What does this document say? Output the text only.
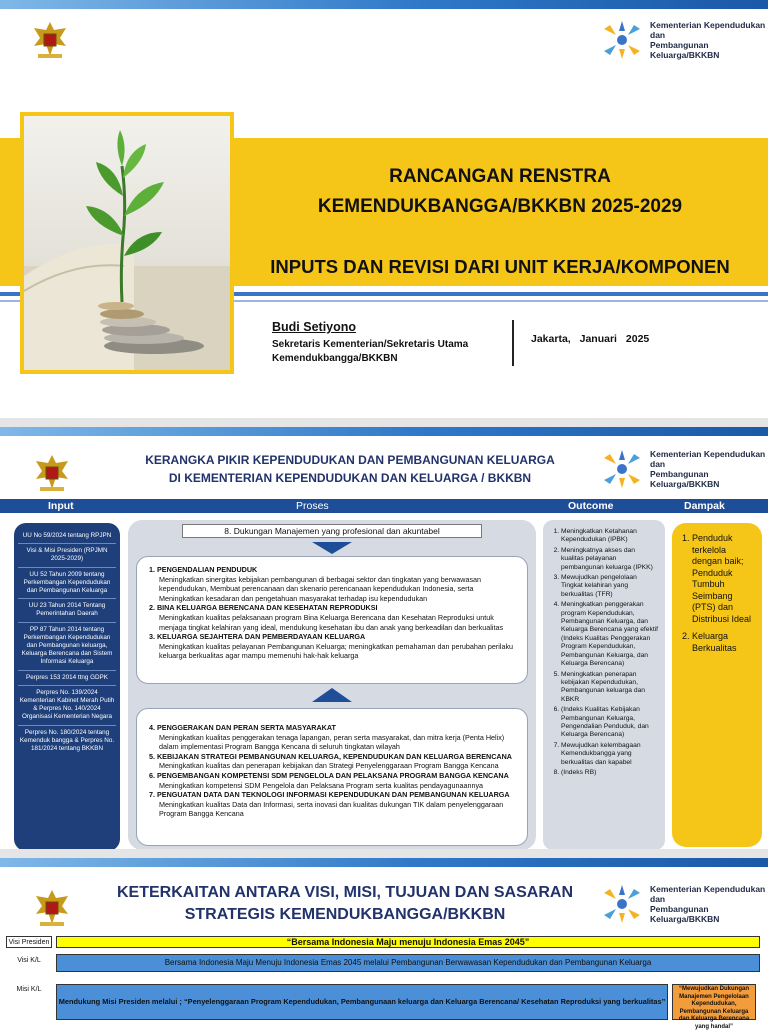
Kementerian Kependudukan dan
Pembangunan Keluarga/BKKBN
RANCANGAN RENSTRA
KEMENDUKBANGGA/BKKBN 2025-2029
INPUTS DAN REVISI DARI UNIT KERJA/KOMPONEN
Budi Setiyono
Sekretaris Kementerian/Sekretaris Utama
Kemendukbangga/BKKBN
Jakarta, Januari 2025
KERANGKA PIKIR KEPENDUDUKAN DAN PEMBANGUNAN KELUARGA
DI KEMENTERIAN KEPENDUDUKAN DAN KELUARGA / BKKBN
Kementerian Kependudukan dan
Pembangunan Keluarga/BKKBN
Input	Proses	Outcome	Dampak
UU No 59/2024 tentang RPJPN
Visi & Misi Presiden (RPJMN 2025-2029)
UU 52 Tahun 2009 tentang Perkembangan Kependudukan dan Pembangunan Keluarga
UU 23 Tahun 2014 Tentang Pemerintahan Daerah
PP 87 Tahun 2014 tentang Perkembangan Kependudukan dan Pembangunan keluarga, Keluarga Berencana dan Sistem Informasi Keluarga
Perpres 153 2014 ttng GDPK
Perpres No. 139/2024 Kementerian Kabinet Merah Putih & Perpres No. 140/2024 Organisasi Kementerian Negara
Perpres No. 180/2024 tentang Kemenduk bangga & Perpres No. 181/2024 tentang BKKBN
8. Dukungan Manajemen yang profesional dan akuntabel
1. PENGENDALIAN PENDUDUK
Meningkatkan sinergitas kebijakan pembangunan di berbagai sektor dan tingkatan yang berwawasan kependudukan, Membuat perencanaan dan skenario perencanaan kependudukan Indonesia, serta Meningkatkan kesadaran dan pengetahuan masyarakat terhadap isu kependudukan
2. BINA KELUARGA BERENCANA DAN KESEHATAN REPRODUKSI
Meningkatkan kualitas pelaksanaan program Bina Keluarga Berencana dan Kesehatan Reproduksi untuk menjaga tingkat kelahiran yang ideal, mendukung kesehatan ibu dan anak yang berkeadilan dan berkualitas
3. KELUARGA SEJAHTERA DAN PEMBERDAYAAN KELUARGA
Meningkatkan kualitas pelayanan Pembangunan Keluarga; meningkatkan pemahaman dan perubahan perilaku keluarga berkualitas agar mampu memenuhi hak-hak keluarga
4. PENGGERAKAN DAN PERAN SERTA MASYARAKAT
Meningkatkan kualitas penggerakan tenaga lapangan, peran serta masyarakat, dan mitra kerja (Penta Helix) dalam implementasi Program Bangga Kencana di seluruh tingkatan wilayah
5. KEBIJAKAN STRATEGI PEMBANGUNAN KELUARGA, KEPENDUDUKAN DAN KELUARGA BERENCANA
Meningkatkan kualitas dan penerapan kebijakan dan Strategi Penyelenggaraan Program Bangga Kencana
6. PENGEMBANGAN KOMPETENSI SDM PENGELOLA DAN PELAKSANA PROGRAM BANGGA KENCANA
Meningkatkan kompetensi SDM Pengelola dan Pelaksana Program serta kualitas pendayagunaannya
7. PENGUATAN DATA DAN TEKNOLOGI INFORMASI KEPENDUDUKAN DAN PEMBANGUNAN KELUARGA
Meningkatkan kualitas Data dan Informasi, serta inovasi dan kualitas dukungan TIK dalam penyelenggaraan Program Bangga Kencana
1. Meningkatkan Ketahanan Kependudukan (IPBK)
2. Meningkatnya akses dan kualitas pelayanan pembangunan keluarga (IPKK)
3. Mewujudkan pengelolaan Tingkat kelahiran yang berkualitas (TFR)
4. Meningkatkan penggerakan program Kependudukan, Pembangunan Keluarga, dan Keluarga Berencana yang efektif (Indeks Kualitas Penggerakan Program Kependudukan, Pembangunan Keluarga, dan Keluarga Berencana)
5. Meningkatkan penerapan kebijakan Kependudukan, Pembangunan keluarga dan KBKR
6. (Indeks Kualitas Kebijakan Pembangunan Keluarga, Pengendalian Penduduk, dan Keluarga Berencana)
7. Mewujudkan kelembagaan Kemendukbangga yang berkualitas dan kapabel
8. (Indeks RB)
1. Penduduk terkelola dengan baik; Penduduk Tumbuh Seimbang (PTS) dan Distribusi Ideal
2. Keluarga Berkualitas
KETERKAITAN ANTARA VISI, MISI, TUJUAN DAN SASARAN
STRATEGIS KEMENDUKBANGGA/BKKBN
Kementerian Kependudukan dan
Pembangunan Keluarga/BKKBN
Visi Presiden	“Bersama Indonesia Maju menuju Indonesia Emas 2045”
Visi K/L	Bersama Indonesia Maju Menuju Indonesia Emas 2045 melalui Pembangunan Berwawasan Kependudukan dan Pembangunan Keluarga
Misi K/L
Mendukung Misi Presiden melalui ; “Penyelenggaraan Program Kependudukan, Pembangunaan keluarga dan Keluarga Berencana/ Kesehatan Reproduksi yang berkualitas”
“Mewujudkan Dukungan Manajemen Pengelolaan Kependudukan, Pembangunan Keluarga dan Keluarga Berencana yang handal”
